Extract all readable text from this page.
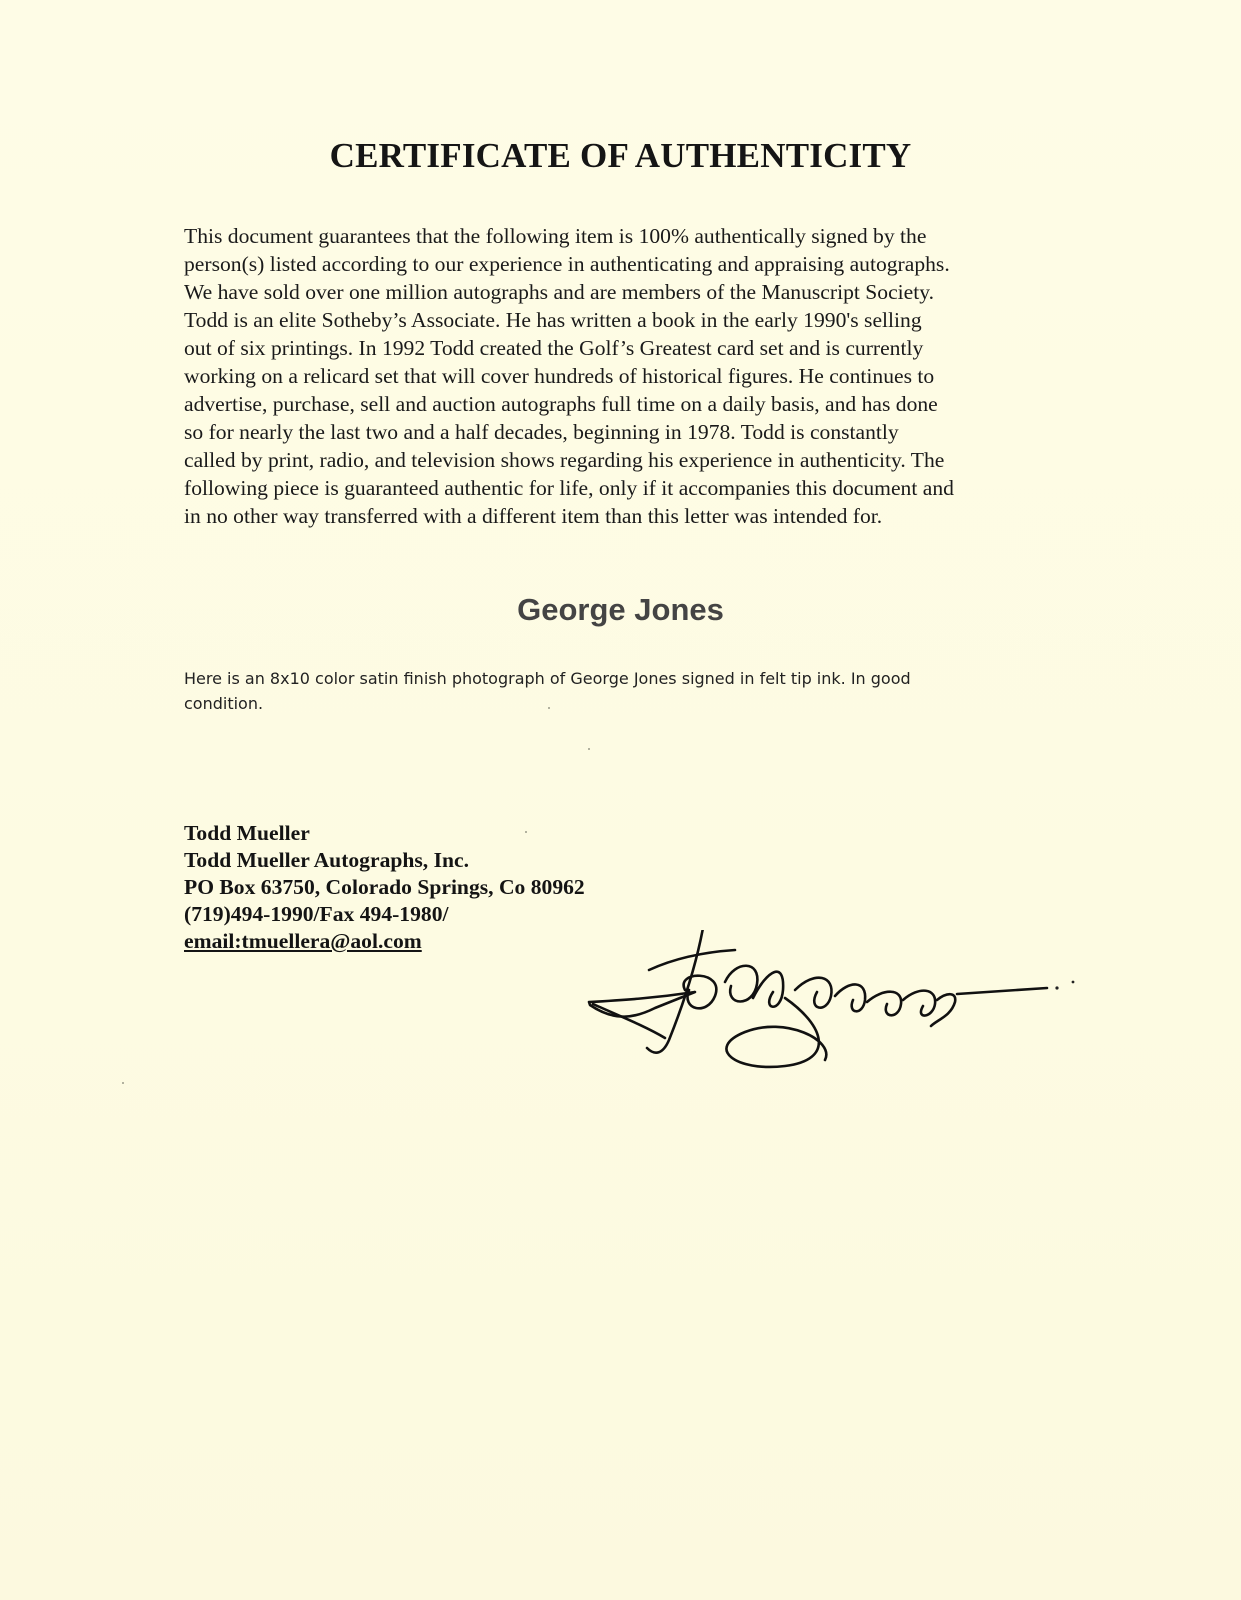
CERTIFICATE OF AUTHENTICITY
This document guarantees that the following item is 100% authentically signed by the
person(s) listed according to our experience in authenticating and appraising autographs.
We have sold over one million autographs and are members of the Manuscript Society.
Todd is an elite Sotheby’s Associate. He has written a book in the early 1990's selling
out of six printings. In 1992 Todd created the Golf’s Greatest card set and is currently
working on a relicard set that will cover hundreds of historical figures. He continues to
advertise, purchase, sell and auction autographs full time on a daily basis, and has done
so for nearly the last two and a half decades, beginning in 1978. Todd is constantly
called by print, radio, and television shows regarding his experience in authenticity. The
following piece is guaranteed authentic for life, only if it accompanies this document and
in no other way transferred with a different item than this letter was intended for.
George Jones
Here is an 8x10 color satin finish photograph of George Jones signed in felt tip ink. In good
condition.
Todd Mueller
Todd Mueller Autographs, Inc.
PO Box 63750, Colorado Springs, Co 80962
(719)494-1990/Fax 494-1980/
email:tmuellera@aol.com
